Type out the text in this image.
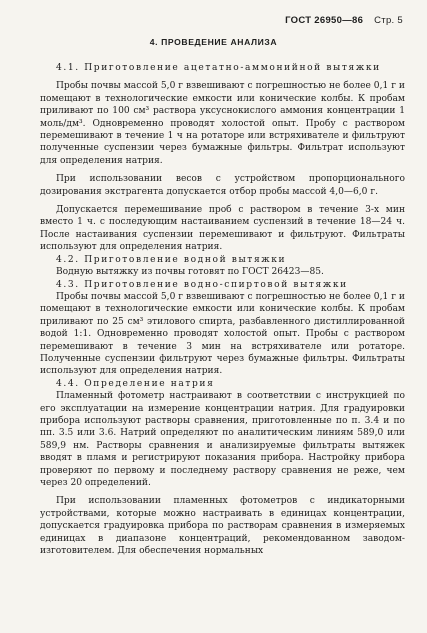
ГОСТ 26950—86 Стр. 5
4. ПРОВЕДЕНИЕ АНАЛИЗА

4.1. Приготовление ацетатно-аммонийной вытяжки

Пробы почвы массой 5,0 г взвешивают с погрешностью не более 0,1 г и помещают в технологические емкости или конические колбы. К пробам приливают по 100 см³ раствора уксуснокислого аммония концентрации 1 моль/дм³. Одновременно проводят холостой опыт. Пробу с раствором перемешивают в течение 1 ч на ротаторе или встряхивателе и фильтруют полученные суспензии через бумажные фильтры. Фильтрат используют для определения натрия.

При использовании весов с устройством пропорционального дозирования экстрагента допускается отбор пробы массой 4,0—6,0 г.

Допускается перемешивание проб с раствором в течение 3-х мин вместо 1 ч. с последующим настаиванием суспензий в течение 18—24 ч. После настаивания суспензии перемешивают и фильтруют. Фильтраты используют для определения натрия.

4.2. Приготовление водной вытяжки

Водную вытяжку из почвы готовят по ГОСТ 26423—85.

4.3. Приготовление водно-спиртовой вытяжки

Пробы почвы массой 5,0 г взвешивают с погрешностью не более 0,1 г и помещают в технологические емкости или конические колбы. К пробам приливают по 25 см³ этилового спирта, разбавленного дистиллированной водой 1:1. Одновременно проводят холостой опыт. Пробы с раствором перемешивают в течение 3 мин на встряхивателе или ротаторе. Полученные суспензии фильтруют через бумажные фильтры. Фильтраты используют для определения натрия.

4.4. Определение натрия

Пламенный фотометр настраивают в соответствии с инструкцией по его эксплуатации на измерение концентрации натрия. Для градуировки прибора используют растворы сравнения, приготовленные по п. 3.4 и по пп. 3.5 или 3.6. Натрий определяют по аналитическим линиям 589,0 или 589,9 нм. Растворы сравнения и анализируемые фильтраты вытяжек вводят в пламя и регистрируют показания прибора. Настройку прибора проверяют по первому и последнему раствору сравнения не реже, чем через 20 определений.

При использовании пламенных фотометров с индикаторными устройствами, которые можно настраивать в единицах концентрации, допускается градуировка прибора по растворам сравнения в измеряемых единицах в диапазоне концентраций, рекомендованном заводом-изготовителем. Для обеспечения нормальных
